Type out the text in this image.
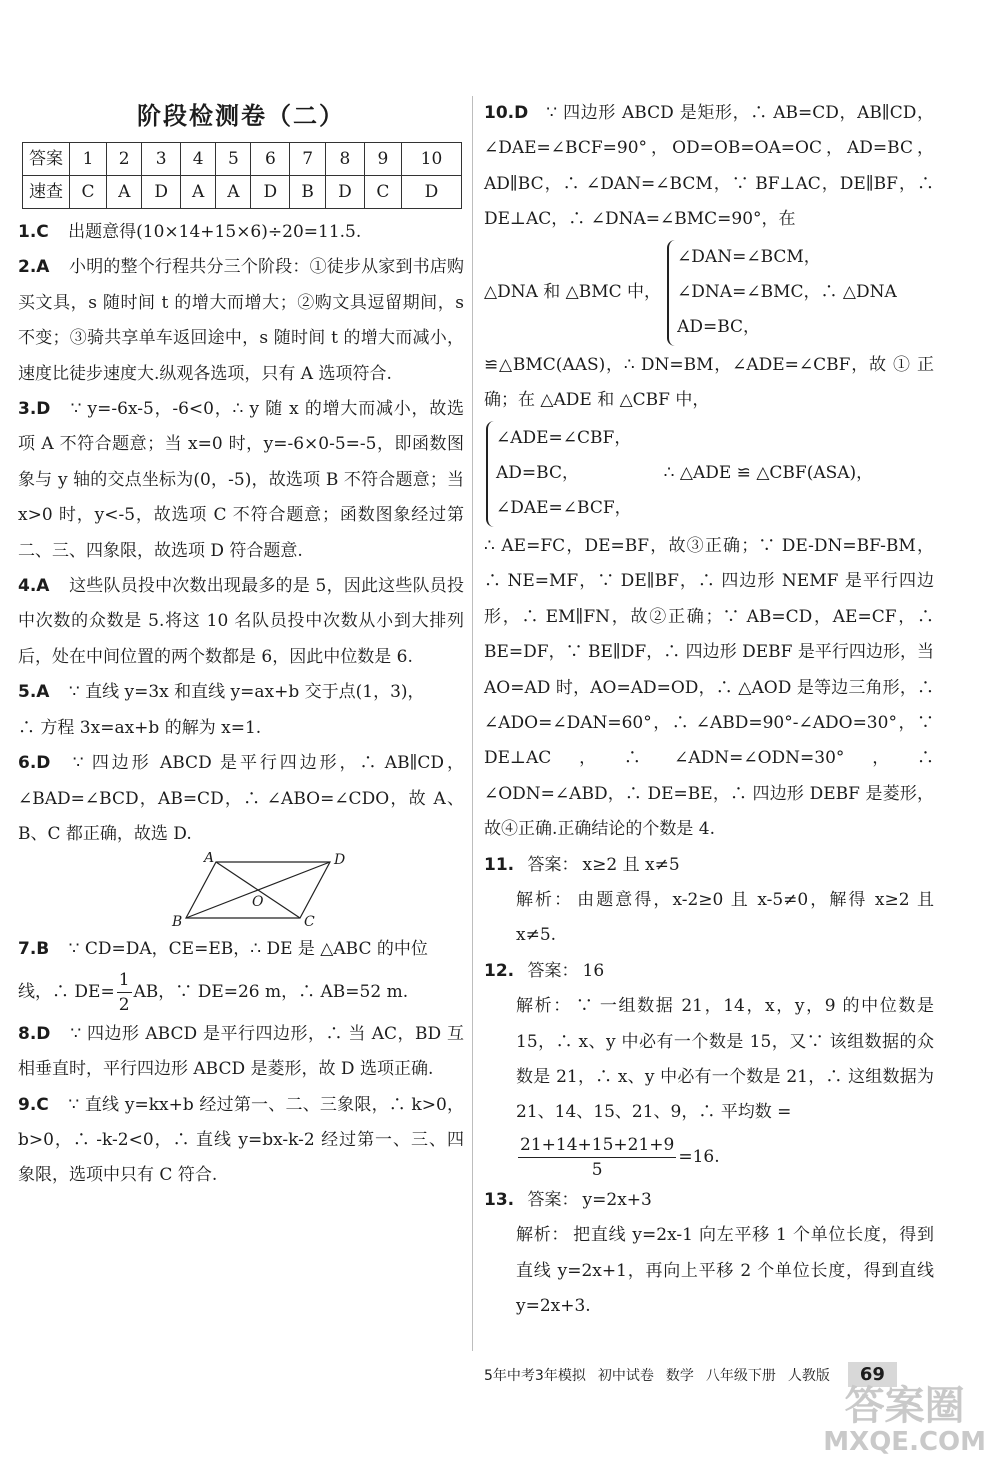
阶段检测卷（二）
答案	1	2	3	4	5	6	7	8	9	10
速查	C	A	D	A	A	D	B	D	C	D
1.C 出题意得(10×14+15×6)÷20=11.5.
2.A 小明的整个行程共分三个阶段：①徒步从家到书店购买文具，s 随时间 t 的增大而增大；②购文具逗留期间，s 不变；③骑共享单车返回途中，s 随时间 t 的增大而减小，速度比徒步速度大.纵观各选项，只有 A 选项符合.
3.D ∵ y=-6x-5，-6<0，∴ y 随 x 的增大而减小，故选项 A 不符合题意；当 x=0 时，y=-6×0-5=-5，即函数图象与 y 轴的交点坐标为(0，-5)，故选项 B 不符合题意；当 x>0 时，y<-5，故选项 C 不符合题意；函数图象经过第二、三、四象限，故选项 D 符合题意.
4.A 这些队员投中次数出现最多的是 5，因此这些队员投中次数的众数是 5.将这 10 名队员投中次数从小到大排列后，处在中间位置的两个数都是 6，因此中位数是 6.

5.A ∵ 直线 y=3x 和直线 y=ax+b 交于点(1，3)，

∴ 方程 3x=ax+b 的解为 x=1.

6.D ∵ 四边形 ABCD 是平行四边形，∴ AB∥CD，∠BAD=∠BCD，AB=CD，∴ ∠ABO=∠CDO，故 A、B、C 都正确，故选 D.
A	D
B	C
O

7.B ∵ CD=DA，CE=EB，∴ DE 是 △ABC 的中位

线，∴ $DE= \frac{1}{2}$ AB，∵ DE=26 m，∴ AB=52 m.

8.D ∵ 四边形 ABCD 是平行四边形，∴ 当 AC，BD 互相垂直时，平行四边形 ABCD 是菱形，故 D 选项正确.
9.C ∵ 直线 y=kx+b 经过第一、二、三象限，∴ k>0，b>0，∴ -k-2<0，∴ 直线 y=bx-k-2 经过第一、三、四象限，选项中只有 C 符合.

10.D ∵ 四边形 ABCD 是矩形，∴ AB=CD，AB∥CD，∠DAE=∠BCF=90°，OD=OB=OA=OC，AD=BC，AD∥BC，∴ ∠DAN=∠BCM，∵ BF⊥AC，DE∥BF，∴ DE⊥AC，∴ ∠DNA=∠BMC=90°，在

△DNA 和 △BMC 中，
∠DAN=∠BCM，
∠DNA=∠BMC，∴ △DNA
AD=BC，

≌△BMC(AAS)，∴ DN=BM，∠ADE=∠CBF，故 ① 正确；在 △ADE 和 △CBF 中，

∠ADE=∠CBF，
AD=BC，
∠DAE=∠BCF，
∴ △ADE ≌ △CBF(ASA)，

∴ AE=FC，DE=BF，故③正确；∵ DE-DN=BF-BM，∴ NE=MF，∵ DE∥BF，∴ 四边形 NEMF 是平行四边形，∴ EM∥FN，故②正确；∵ AB=CD，AE=CF，∴ BE=DF，∵ BE∥DF，∴ 四边形 DEBF 是平行四边形，当 AO=AD 时，AO=AD=OD，∴ △AOD 是等边三角形，∴ ∠ADO=∠DAN=60°，∴ ∠ABD=90°-∠ADO=30°，∵ DE⊥AC，∴ ∠ADN=∠ODN=30°，∴ ∠ODN=∠ABD，∴ DE=BE，∴ 四边形 DEBF 是菱形，故④正确.正确结论的个数是 4.

11. 答案： x≥2 且 x≠5

解析： 由题意得，x-2≥0 且 x-5≠0，解得 x≥2 且 x≠5.

12. 答案： 16

解析： ∵ 一组数据 21，14，x，y，9 的中位数是 15，∴ x、y 中必有一个数是 15，又∵ 该组数据的众数是 21，∴ x、y 中必有一个数是 21，∴ 这组数据为 21、14、15、21、9，∴ 平均数 =

$\frac{21+14+15+21+9}{5} =16$.

13. 答案： y=2x+3

解析： 把直线 y=2x-1 向左平移 1 个单位长度，得到直线 y=2x+1，再向上平移 2 个单位长度，得到直线 y=2x+3.

5年中考3年模拟 初中试卷 数学 八年级下册 人教版	69
答案圈
MXQE.COM
